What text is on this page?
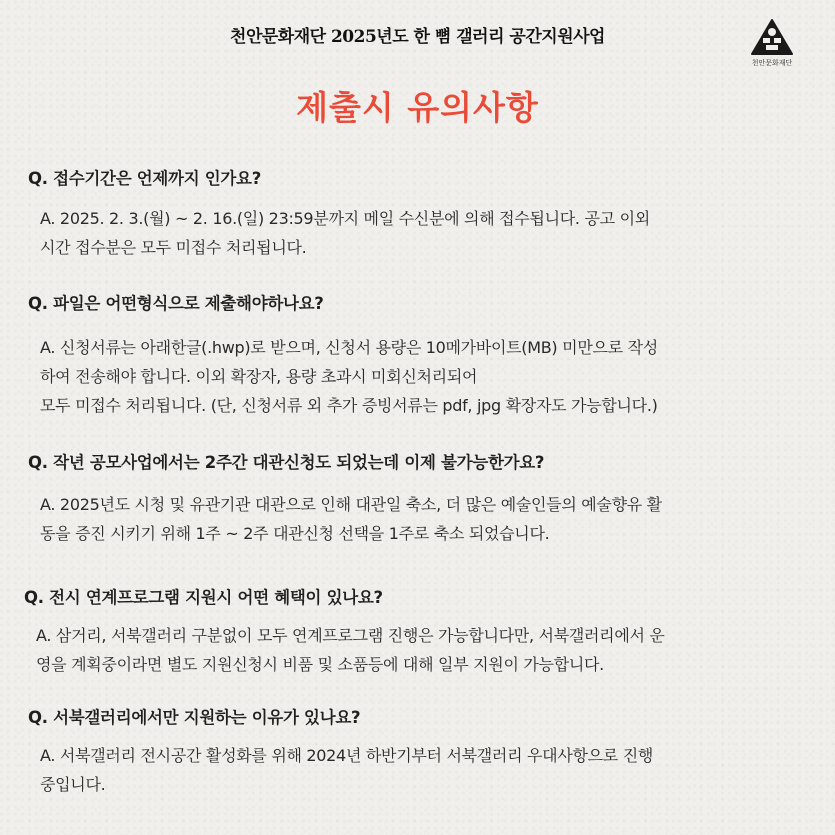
천안문화재단 2025년도 한 뼘 갤러리 공간지원사업
천안문화재단
제출시 유의사항
Q. 접수기간은 언제까지 인가요?
A. 2025. 2. 3.(월) ~ 2. 16.(일) 23:59분까지 메일 수신분에 의해 접수됩니다. 공고 이외
시간 접수분은 모두 미접수 처리됩니다.
Q. 파일은 어떤형식으로 제출해야하나요?
A. 신청서류는 아래한글(.hwp)로 받으며, 신청서 용량은 10메가바이트(MB) 미만으로 작성
하여 전송해야 합니다. 이외 확장자, 용량 초과시 미회신처리되어
모두 미접수 처리됩니다. (단, 신청서류 외 추가 증빙서류는 pdf, jpg 확장자도 가능합니다.)
Q. 작년 공모사업에서는 2주간 대관신청도 되었는데 이제 불가능한가요?
A. 2025년도 시청 및 유관기관 대관으로 인해 대관일 축소, 더 많은 예술인들의 예술향유 활
동을 증진 시키기 위해 1주 ~ 2주 대관신청 선택을 1주로 축소 되었습니다.
Q. 전시 연계프로그램 지원시 어떤 혜택이 있나요?
A. 삼거리, 서북갤러리 구분없이 모두 연계프로그램 진행은 가능합니다만, 서북갤러리에서 운
영을 계획중이라면 별도 지원신청시 비품 및 소품등에 대해 일부 지원이 가능합니다.
Q. 서북갤러리에서만 지원하는 이유가 있나요?
A. 서북갤러리 전시공간 활성화를 위해 2024년 하반기부터 서북갤러리 우대사항으로 진행
중입니다.
